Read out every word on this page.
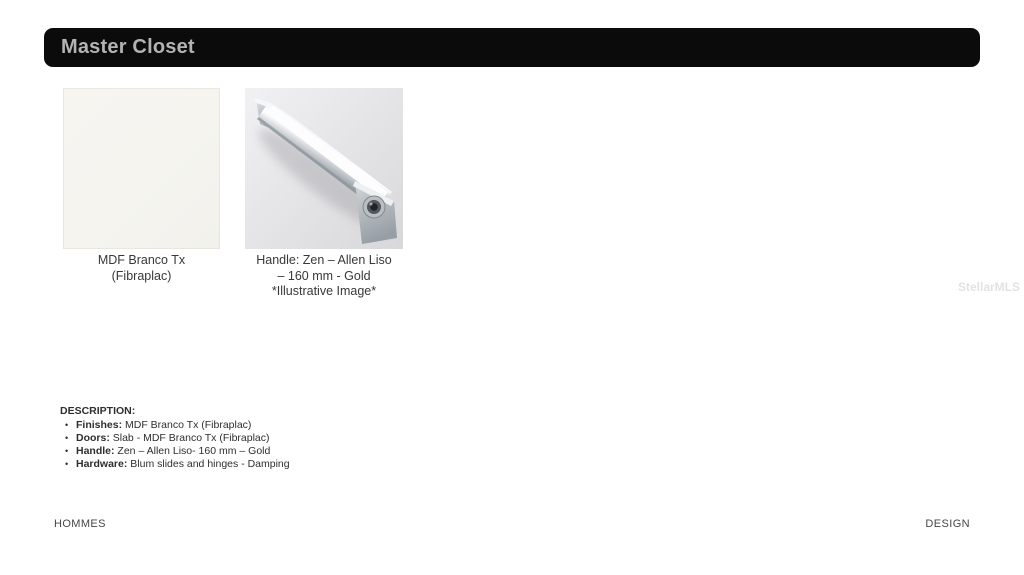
Master Closet
MDF Branco Tx
(Fibraplac)
Handle: Zen – Allen Liso
– 160 mm - Gold
*Illustrative Image*
DESCRIPTION:
• Finishes: MDF Branco Tx (Fibraplac)
• Doors: Slab - MDF Branco Tx (Fibraplac)
• Handle: Zen – Allen Liso- 160 mm – Gold
• Hardware: Blum slides and hinges - Damping
HOMMES	DESIGN
StellarMLS
